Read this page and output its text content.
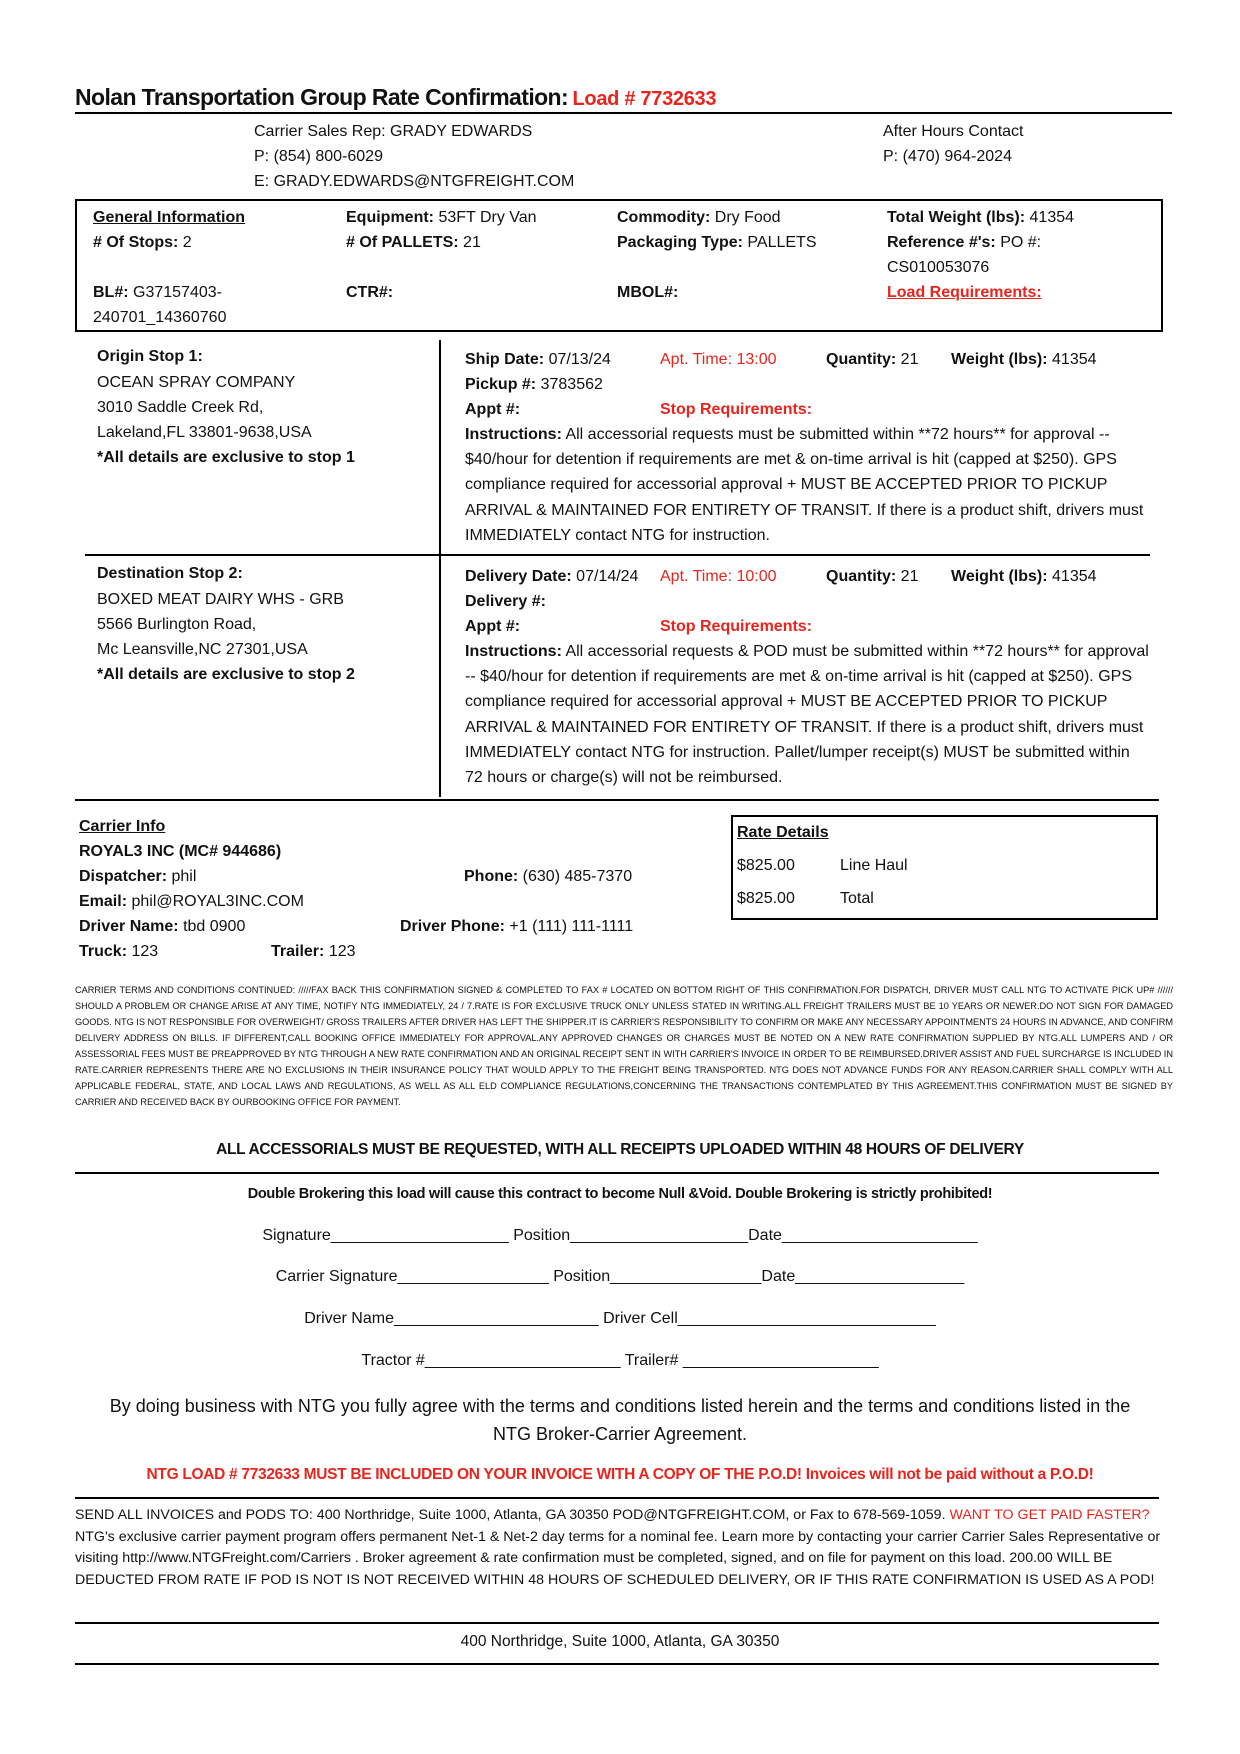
Nolan Transportation Group Rate Confirmation: Load # 7732633
Carrier Sales Rep: GRADY EDWARDS
P: (854) 800-6029
E: GRADY.EDWARDS@NTGFREIGHT.COM
After Hours Contact
P: (470) 964-2024
General Information
# Of Stops: 2
BL#: G37157403-
240701_14360760
Equipment: 53FT Dry Van
# Of PALLETS: 21
CTR#:
Commodity: Dry Food
Packaging Type: PALLETS
MBOL#:
Total Weight (lbs): 41354
Reference #'s: PO #:
CS010053076
Load Requirements:
Origin Stop 1:
OCEAN SPRAY COMPANY
3010 Saddle Creek Rd,
Lakeland,FL 33801-9638,USA
*All details are exclusive to stop 1
Ship Date: 07/13/24	Apt. Time: 13:00	Quantity: 21 Weight (lbs): 41354
Pickup #: 3783562
Appt #:	Stop Requirements:
Instructions: All accessorial requests must be submitted within **72 hours** for approval -- $40/hour for detention if requirements are met & on-time arrival is hit (capped at $250). GPS compliance required for accessorial approval + MUST BE ACCEPTED PRIOR TO PICKUP ARRIVAL & MAINTAINED FOR ENTIRETY OF TRANSIT. If there is a product shift, drivers must IMMEDIATELY contact NTG for instruction.
Destination Stop 2:
BOXED MEAT DAIRY WHS - GRB
5566 Burlington Road,
Mc Leansville,NC 27301,USA
*All details are exclusive to stop 2
Delivery Date: 07/14/24 Apt. Time: 10:00	Quantity: 21 Weight (lbs): 41354
Delivery #:
Appt #:	Stop Requirements:
Instructions: All accessorial requests & POD must be submitted within **72 hours** for approval -- $40/hour for detention if requirements are met & on-time arrival is hit (capped at $250). GPS compliance required for accessorial approval + MUST BE ACCEPTED PRIOR TO PICKUP ARRIVAL & MAINTAINED FOR ENTIRETY OF TRANSIT. If there is a product shift, drivers must IMMEDIATELY contact NTG for instruction. Pallet/lumper receipt(s) MUST be submitted within 72 hours or charge(s) will not be reimbursed.
Carrier Info
ROYAL3 INC (MC# 944686)
Dispatcher: phil	Phone: (630) 485-7370
Email: phil@ROYAL3INC.COM
Driver Name: tbd 0900	Driver Phone: +1 (111) 111-1111
Truck: 123	Trailer: 123
Rate Details
$825.00	Line Haul
$825.00	Total
CARRIER TERMS AND CONDITIONS CONTINUED: /////FAX BACK THIS CONFIRMATION SIGNED & COMPLETED TO FAX # LOCATED ON BOTTOM RIGHT OF THIS CONFIRMATION.FOR DISPATCH, DRIVER MUST CALL NTG TO ACTIVATE PICK UP# ////// SHOULD A PROBLEM OR CHANGE ARISE AT ANY TIME, NOTIFY NTG IMMEDIATELY, 24 / 7.RATE IS FOR EXCLUSIVE TRUCK ONLY UNLESS STATED IN WRITING.ALL FREIGHT TRAILERS MUST BE 10 YEARS OR NEWER.DO NOT SIGN FOR DAMAGED GOODS. NTG IS NOT RESPONSIBLE FOR OVERWEIGHT/ GROSS TRAILERS AFTER DRIVER HAS LEFT THE SHIPPER.IT IS CARRIER'S RESPONSIBILITY TO CONFIRM OR MAKE ANY NECESSARY APPOINTMENTS 24 HOURS IN ADVANCE, AND CONFIRM DELIVERY ADDRESS ON BILLS. IF DIFFERENT,CALL BOOKING OFFICE IMMEDIATELY FOR APPROVAL.ANY APPROVED CHANGES OR CHARGES MUST BE NOTED ON A NEW RATE CONFIRMATION SUPPLIED BY NTG.ALL LUMPERS AND / OR ASSESSORIAL FEES MUST BE PREAPPROVED BY NTG THROUGH A NEW RATE CONFIRMATION AND AN ORIGINAL RECEIPT SENT IN WITH CARRIER'S INVOICE IN ORDER TO BE REIMBURSED.DRIVER ASSIST AND FUEL SURCHARGE IS INCLUDED IN RATE.CARRIER REPRESENTS THERE ARE NO EXCLUSIONS IN THEIR INSURANCE POLICY THAT WOULD APPLY TO THE FREIGHT BEING TRANSPORTED. NTG DOES NOT ADVANCE FUNDS FOR ANY REASON.CARRIER SHALL COMPLY WITH ALL APPLICABLE FEDERAL, STATE, AND LOCAL LAWS AND REGULATIONS, AS WELL AS ALL ELD COMPLIANCE REGULATIONS,CONCERNING THE TRANSACTIONS CONTEMPLATED BY THIS AGREEMENT.THIS CONFIRMATION MUST BE SIGNED BY CARRIER AND RECEIVED BACK BY OURBOOKING OFFICE FOR PAYMENT.
ALL ACCESSORIALS MUST BE REQUESTED, WITH ALL RECEIPTS UPLOADED WITHIN 48 HOURS OF DELIVERY
Double Brokering this load will cause this contract to become Null &Void. Double Brokering is strictly prohibited!
Signature____________________ Position____________________Date______________________
Carrier Signature_________________ Position_________________Date___________________
Driver Name_______________________ Driver Cell_____________________________
Tractor #______________________ Trailer# ______________________
By doing business with NTG you fully agree with the terms and conditions listed herein and the terms and conditions listed in the
NTG Broker-Carrier Agreement.
NTG LOAD # 7732633 MUST BE INCLUDED ON YOUR INVOICE WITH A COPY OF THE P.O.D! Invoices will not be paid without a P.O.D!
SEND ALL INVOICES and PODS TO: 400 Northridge, Suite 1000, Atlanta, GA 30350 POD@NTGFREIGHT.COM, or Fax to 678-569-1059. WANT TO GET PAID FASTER? NTG's exclusive carrier payment program offers permanent Net-1 & Net-2 day terms for a nominal fee. Learn more by contacting your carrier Carrier Sales Representative or visiting http://www.NTGFreight.com/Carriers . Broker agreement & rate confirmation must be completed, signed, and on file for payment on this load. 200.00 WILL BE DEDUCTED FROM RATE IF POD IS NOT IS NOT RECEIVED WITHIN 48 HOURS OF SCHEDULED DELIVERY, OR IF THIS RATE CONFIRMATION IS USED AS A POD!
400 Northridge, Suite 1000, Atlanta, GA 30350
